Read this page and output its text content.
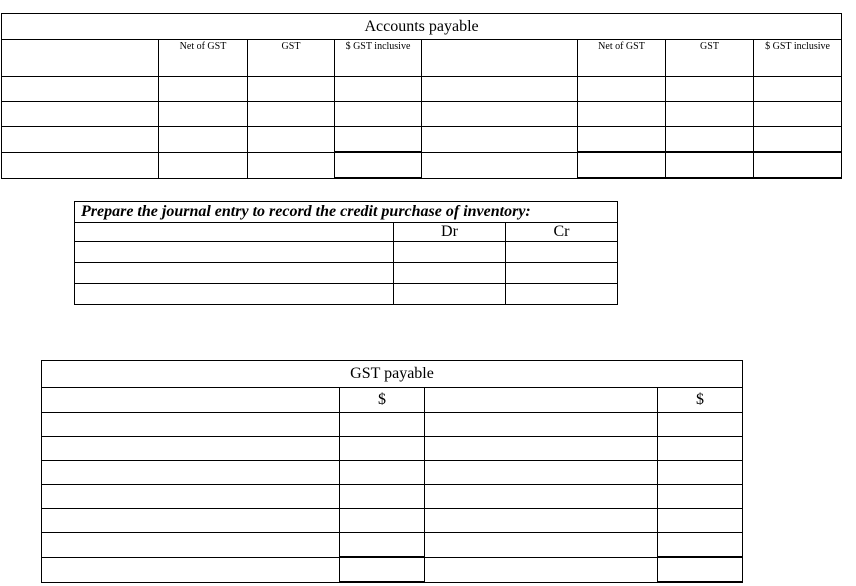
Accounts payable							
	Net of GST	GST	$ GST inclusive		Net of GST	GST	$ GST inclusive

Prepare the journal entry to record the credit purchase of inventory:		
	Dr	Cr

GST payable			
	$		$
